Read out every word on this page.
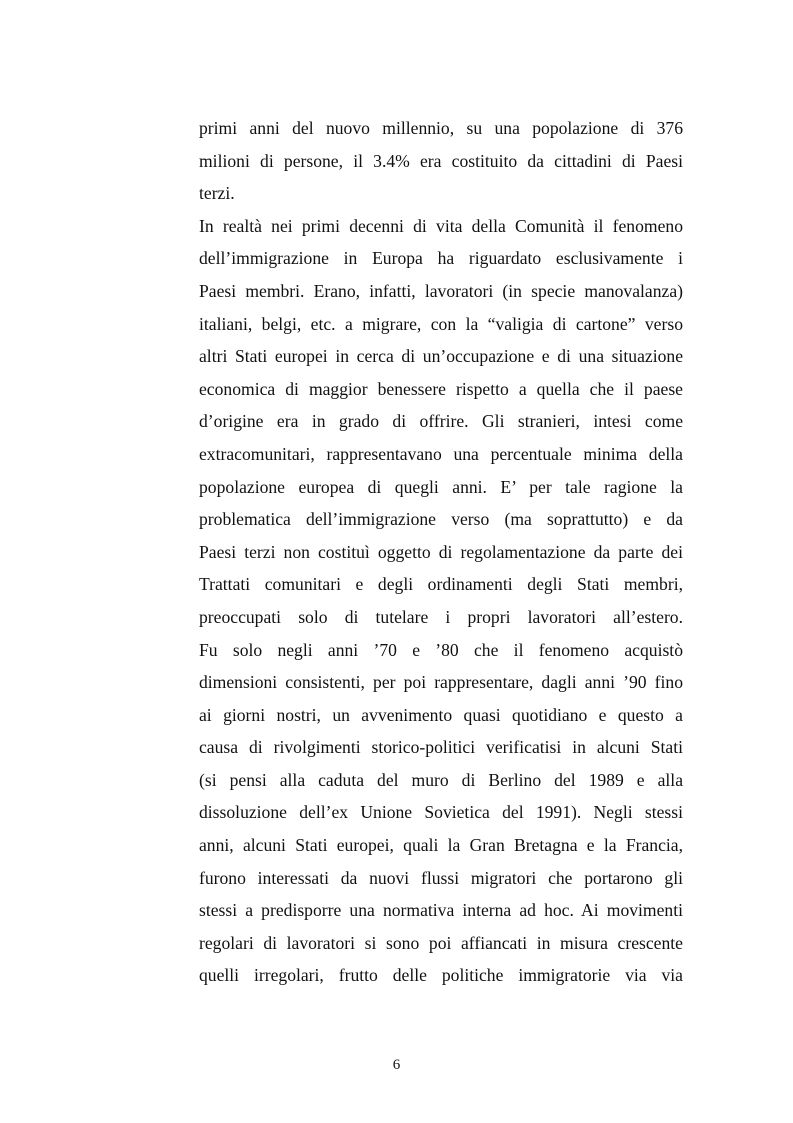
primi anni del nuovo millennio, su una popolazione di 376
milioni di persone, il 3.4% era costituito da cittadini di Paesi
terzi.
In realtà nei primi decenni di vita della Comunità il fenomeno
dell’immigrazione in Europa ha riguardato esclusivamente i
Paesi membri. Erano, infatti, lavoratori (in specie manovalanza)
italiani, belgi, etc. a migrare, con la “valigia di cartone” verso
altri Stati europei in cerca di un’occupazione e di una situazione
economica di maggior benessere rispetto a quella che il paese
d’origine era in grado di offrire. Gli stranieri, intesi come
extracomunitari, rappresentavano una percentuale minima della
popolazione europea di quegli anni. E’ per tale ragione la
problematica dell’immigrazione verso (ma soprattutto) e da
Paesi terzi non costituì oggetto di regolamentazione da parte dei
Trattati comunitari e degli ordinamenti degli Stati membri,
preoccupati solo di tutelare i propri lavoratori all’estero.
Fu solo negli anni ’70 e ’80 che il fenomeno acquistò
dimensioni consistenti, per poi rappresentare, dagli anni ’90 fino
ai giorni nostri, un avvenimento quasi quotidiano e questo a
causa di rivolgimenti storico-politici verificatisi in alcuni Stati
(si pensi alla caduta del muro di Berlino del 1989 e alla
dissoluzione dell’ex Unione Sovietica del 1991). Negli stessi
anni, alcuni Stati europei, quali la Gran Bretagna e la Francia,
furono interessati da nuovi flussi migratori che portarono gli
stessi a predisporre una normativa interna ad hoc. Ai movimenti
regolari di lavoratori si sono poi affiancati in misura crescente
quelli irregolari, frutto delle politiche immigratorie via via
6
